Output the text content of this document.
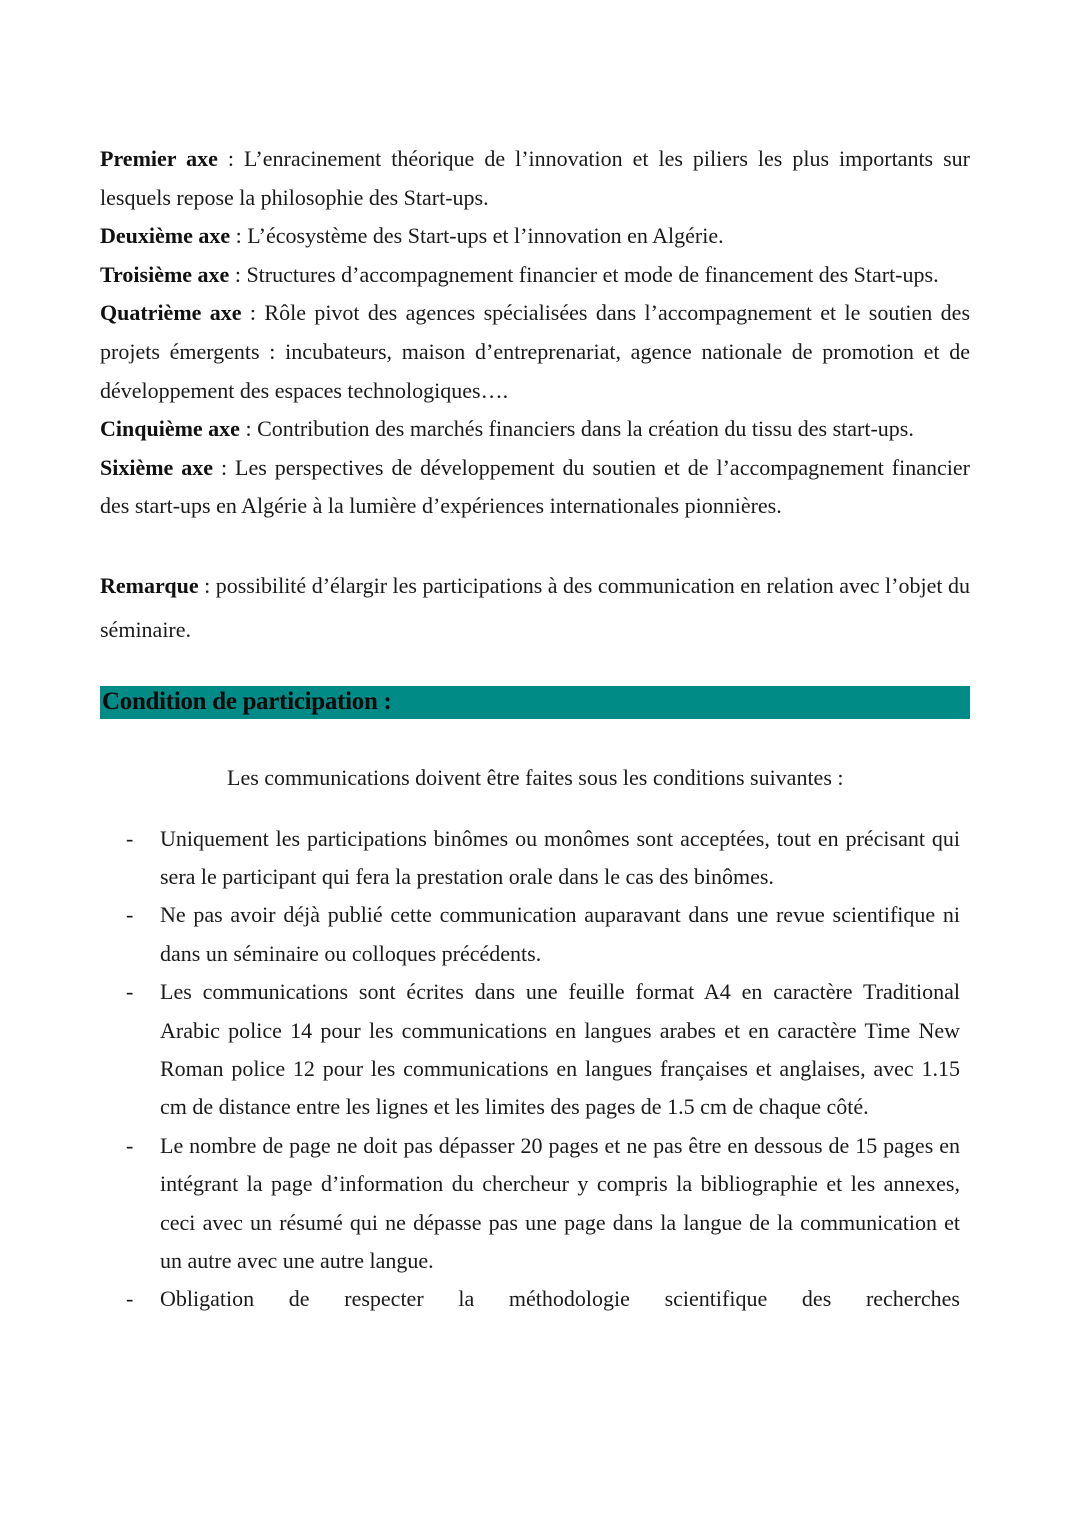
Premier axe : L’enracinement théorique de l’innovation et les piliers les plus importants sur lesquels repose la philosophie des Start-ups.

Deuxième axe : L’écosystème des Start-ups et l’innovation en Algérie.

Troisième axe : Structures d’accompagnement financier et mode de financement des Start-ups.

Quatrième axe : Rôle pivot des agences spécialisées dans l’accompagnement et le soutien des projets émergents : incubateurs, maison d’entreprenariat, agence nationale de promotion et de développement des espaces technologiques….

Cinquième axe : Contribution des marchés financiers dans la création du tissu des start-ups.

Sixième axe : Les perspectives de développement du soutien et de l’accompagnement financier des start-ups en Algérie à la lumière d’expériences internationales pionnières.

Remarque : possibilité d’élargir les participations à des communication en relation avec l’objet du séminaire.

Condition de participation :

Les communications doivent être faites sous les conditions suivantes :

- Uniquement les participations binômes ou monômes sont acceptées, tout en précisant qui sera le participant qui fera la prestation orale dans le cas des binômes.
- Ne pas avoir déjà publié cette communication auparavant dans une revue scientifique ni dans un séminaire ou colloques précédents.
- Les communications sont écrites dans une feuille format A4 en caractère Traditional Arabic police 14 pour les communications en langues arabes et en caractère Time New Roman police 12 pour les communications en langues françaises et anglaises, avec 1.15 cm de distance entre les lignes et les limites des pages de 1.5 cm de chaque côté.
- Le nombre de page ne doit pas dépasser 20 pages et ne pas être en dessous de 15 pages en intégrant la page d’information du chercheur y compris la bibliographie et les annexes, ceci avec un résumé qui ne dépasse pas une page dans la langue de la communication et un autre avec une autre langue.
- Obligation de respecter la méthodologie scientifique des recherches
